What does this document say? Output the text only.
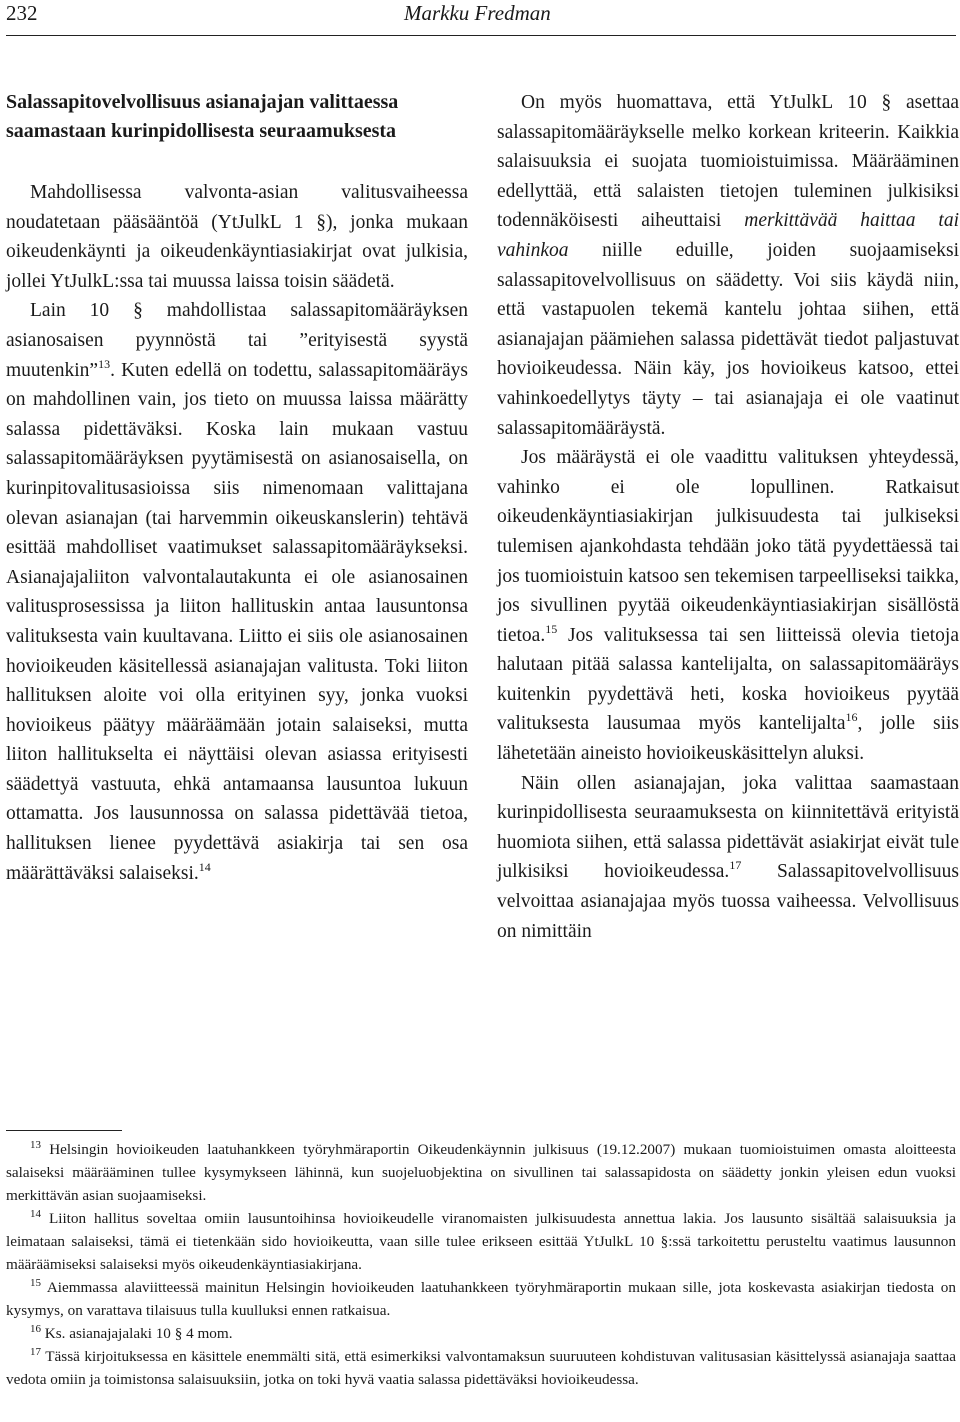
232	Markku Fredman

Salassapitovelvollisuus asianajajan valittaessa saamastaan kurinpidollisesta seuraamuksesta

Mahdollisessa valvonta-asian valitusvaiheessa noudatetaan pääsääntöä (YtJulkL 1 §), jonka mukaan oikeudenkäynti ja oikeudenkäyntiasiakirjat ovat julkisia, jollei YtJulkL:ssa tai muussa laissa toisin säädetä.

Lain 10 § mahdollistaa salassapitomääräyksen asianosaisen pyynnöstä tai ”erityisestä syystä muutenkin”$^{13}$. Kuten edellä on todettu, salassapitomääräys on mahdollinen vain, jos tieto on muussa laissa määrätty salassa pidettäväksi. Koska lain mukaan vastuu salassapitomääräyksen pyytämisestä on asianosaisella, on kurinpitovalitusasioissa siis nimenomaan valittajana olevan asianajan (tai harvemmin oikeuskanslerin) tehtävä esittää mahdolliset vaatimukset salassapitomääräykseksi. Asianajajaliiton valvontalautakunta ei ole asianosainen valitusprosessissa ja liiton hallituskin antaa lausuntonsa valituksesta vain kuultavana. Liitto ei siis ole asianosainen hovioikeuden käsitellessä asianajajan valitusta. Toki liiton hallituksen aloite voi olla erityinen syy, jonka vuoksi hovioikeus päätyy määräämään jotain salaiseksi, mutta liiton hallitukselta ei näyttäisi olevan asiassa erityisesti säädettyä vastuuta, ehkä antamaansa lausuntoa lukuun ottamatta. Jos lausunnossa on salassa pidettävää tietoa, hallituksen lienee pyydettävä asiakirja tai sen osa määrättäväksi salaiseksi.$^{14}$

On myös huomattava, että YtJulkL 10 § asettaa salassapitomääräykselle melko korkean kriteerin. Kaikkia salaisuuksia ei suojata tuomioistuimissa. Määrääminen edellyttää, että salaisten tietojen tuleminen julkisiksi todennäköisesti aiheuttaisi merkittävää haittaa tai vahinkoa niille eduille, joiden suojaamiseksi salassapitovelvollisuus on säädetty. Voi siis käydä niin, että vastapuolen tekemä kantelu johtaa siihen, että asianajajan päämiehen salassa pidettävät tiedot paljastuvat hovioikeudessa. Näin käy, jos hovioikeus katsoo, ettei vahinkoedellytys täyty – tai asianajaja ei ole vaatinut salassapitomääräystä.

Jos määräystä ei ole vaadittu valituksen yhteydessä, vahinko ei ole lopullinen. Ratkaisut oikeudenkäyntiasiakirjan julkisuudesta tai julkiseksi tulemisen ajankohdasta tehdään joko tätä pyydettäessä tai jos tuomioistuin katsoo sen tekemisen tarpeelliseksi taikka, jos sivullinen pyytää oikeudenkäyntiasiakirjan sisällöstä tietoa.$^{15}$ Jos valituksessa tai sen liitteissä olevia tietoja halutaan pitää salassa kantelijalta, on salassapitomääräys kuitenkin pyydettävä heti, koska hovioikeus pyytää valituksesta lausumaa myös kantelijalta$^{16}$, jolle siis lähetetään aineisto hovioikeuskäsittelyn aluksi.

Näin ollen asianajajan, joka valittaa saamastaan kurinpidollisesta seuraamuksesta on kiinnitettävä erityistä huomiota siihen, että salassa pidettävät asiakirjat eivät tule julkisiksi hovioikeudessa.$^{17}$ Salassapitovelvollisuus velvoittaa asianajajaa myös tuossa vaiheessa. Velvollisuus on nimittäin

$^{13}$ Helsingin hovioikeuden laatuhankkeen työryhmäraportin Oikeudenkäynnin julkisuus (19.12.2007) mukaan tuomioistuimen omasta aloitteesta salaiseksi määrääminen tullee kysymykseen lähinnä, kun suojeluobjektina on sivullinen tai salassapidosta on säädetty jonkin yleisen edun vuoksi merkittävän asian suojaamiseksi.

$^{14}$ Liiton hallitus soveltaa omiin lausuntoihinsa hovioikeudelle viranomaisten julkisuudesta annettua lakia. Jos lausunto sisältää salaisuuksia ja leimataan salaiseksi, tämä ei tietenkään sido hovioikeutta, vaan sille tulee erikseen esittää YtJulkL 10 §:ssä tarkoitettu perusteltu vaatimus lausunnon määräämiseksi salaiseksi myös oikeudenkäyntiasiakirjana.

$^{15}$ Aiemmassa alaviitteessä mainitun Helsingin hovioikeuden laatuhankkeen työryhmäraportin mukaan sille, jota koskevasta asiakirjan tiedosta on kysymys, on varattava tilaisuus tulla kuulluksi ennen ratkaisua.

$^{16}$ Ks. asianajajalaki 10 § 4 mom.

$^{17}$ Tässä kirjoituksessa en käsittele enemmälti sitä, että esimerkiksi valvontamaksun suuruuteen kohdistuvan valitusasian käsittelyssä asianajaja saattaa vedota omiin ja toimistonsa salaisuuksiin, jotka on toki hyvä vaatia salassa pidettäväksi hovioikeudessa.
